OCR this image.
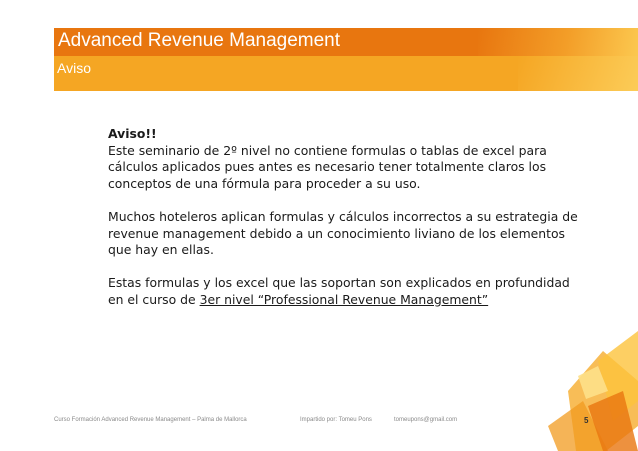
Advanced Revenue Management
Aviso

Aviso!!
Este seminario de 2º nivel no contiene formulas o tablas de excel para cálculos aplicados pues antes es necesario tener totalmente claros los conceptos de una fórmula para proceder a su uso.

Muchos hoteleros aplican formulas y cálculos incorrectos a su estrategia de revenue management debido a un conocimiento liviano de los elementos que hay en ellas.

Estas formulas y los excel que las soportan son explicados en profundidad en el curso de 3er nivel “Professional Revenue Management”

Curso Formación Advanced Revenue Management – Palma de Mallorca	Impartido por: Tomeu Pons	tomeupons@gmail.com	5
